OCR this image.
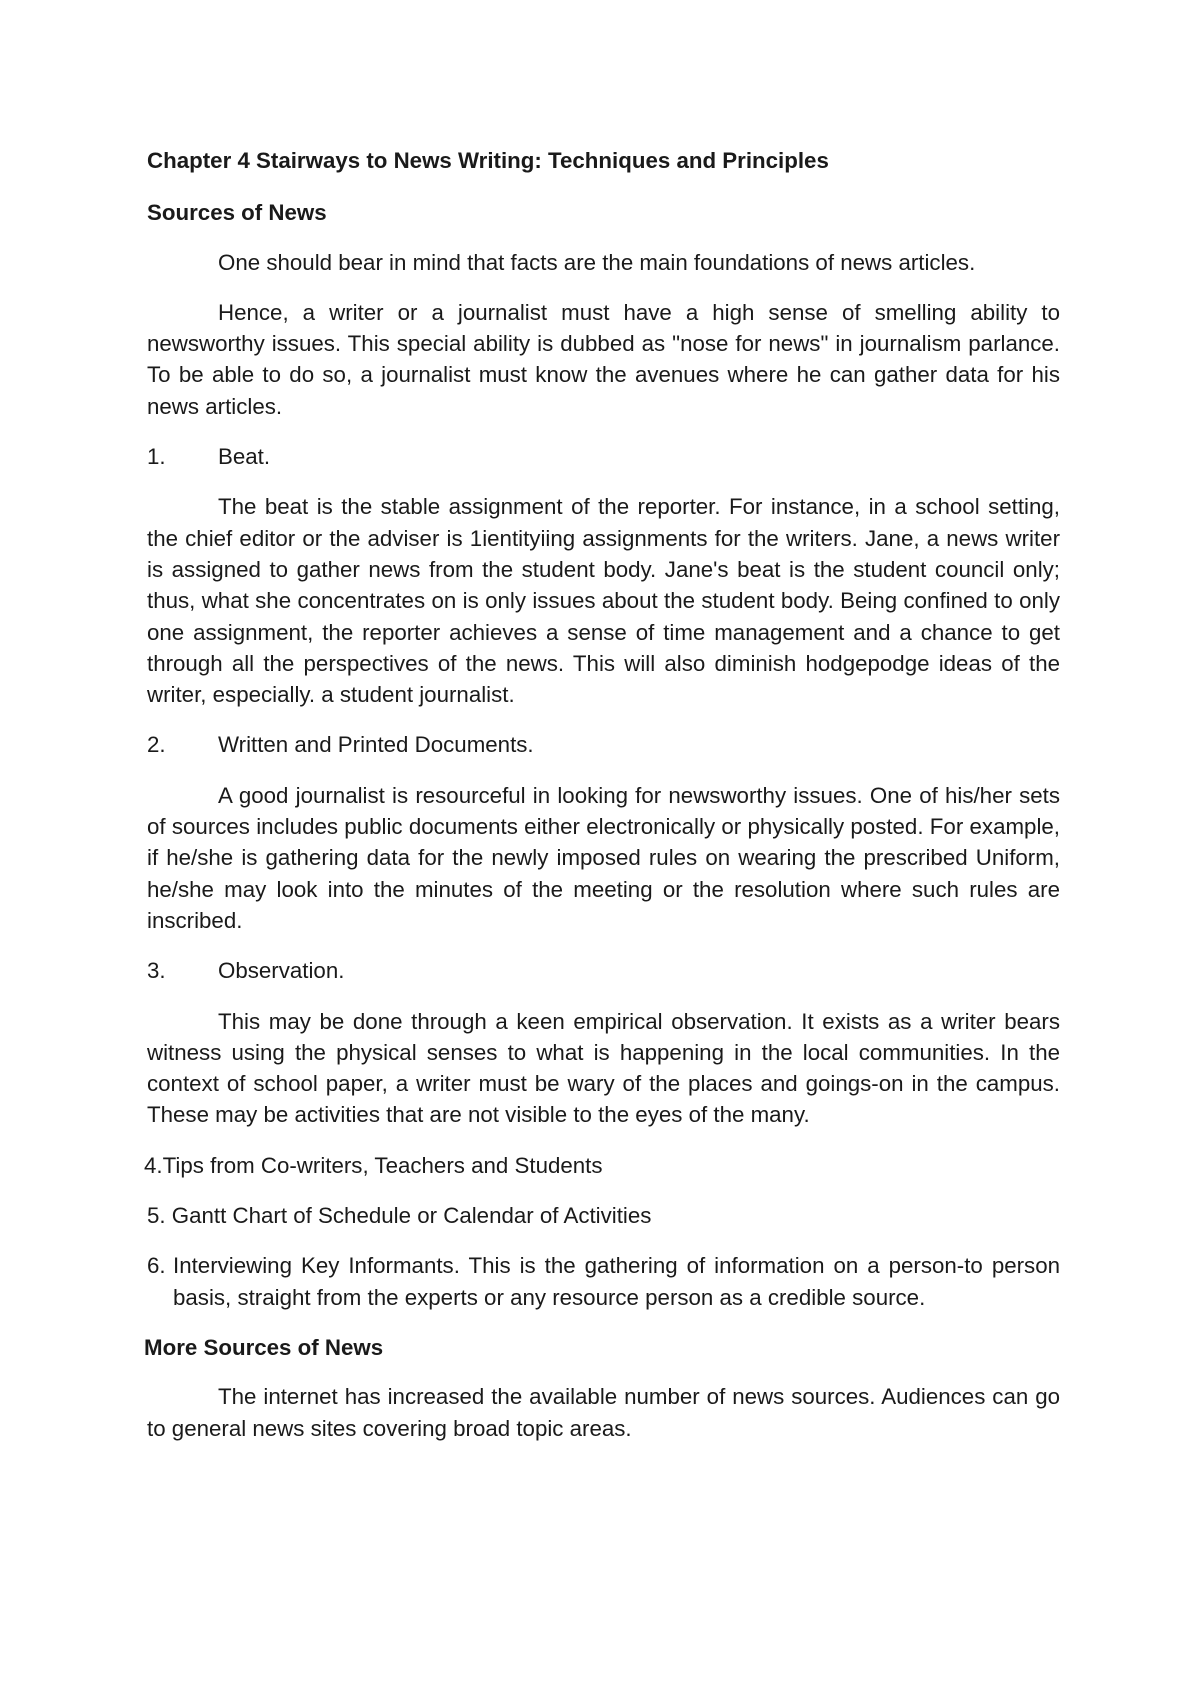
Chapter 4 Stairways to News Writing: Techniques and Principles
Sources of News

One should bear in mind that facts are the main foundations of news articles.

Hence, a writer or a journalist must have a high sense of smelling ability to newsworthy issues. This special ability is dubbed as "nose for news" in journalism parlance. To be able to do so, a journalist must know the avenues where he can gather data for his news articles.

1.	Beat.

The beat is the stable assignment of the reporter. For instance, in a school setting, the chief editor or the adviser is 1ientityiing assignments for the writers. Jane, a news writer is assigned to gather news from the student body. Jane's beat is the student council only; thus, what she concentrates on is only issues about the student body. Being confined to only one assignment, the reporter achieves a sense of time management and a chance to get through all the perspectives of the news. This will also diminish hodgepodge ideas of the writer, especially. a student journalist.

2.	Written and Printed Documents.

A good journalist is resourceful in looking for newsworthy issues. One of his/her sets of sources includes public documents either electronically or physically posted. For example, if he/she is gathering data for the newly imposed rules on wearing the prescribed Uniform, he/she may look into the minutes of the meeting or the resolution where such rules are inscribed.

3.	Observation.

This may be done through a keen empirical observation. It exists as a writer bears witness using the physical senses to what is happening in the local communities. In the context of school paper, a writer must be wary of the places and goings-on in the campus. These may be activities that are not visible to the eyes of the many.

4.Tips from Co-writers, Teachers and Students
5. Gantt Chart of Schedule or Calendar of Activities
6. Interviewing Key Informants. This is the gathering of information on a person-to person basis, straight from the experts or any resource person as a credible source.
More Sources of News

The internet has increased the available number of news sources. Audiences can go to general news sites covering broad topic areas.
